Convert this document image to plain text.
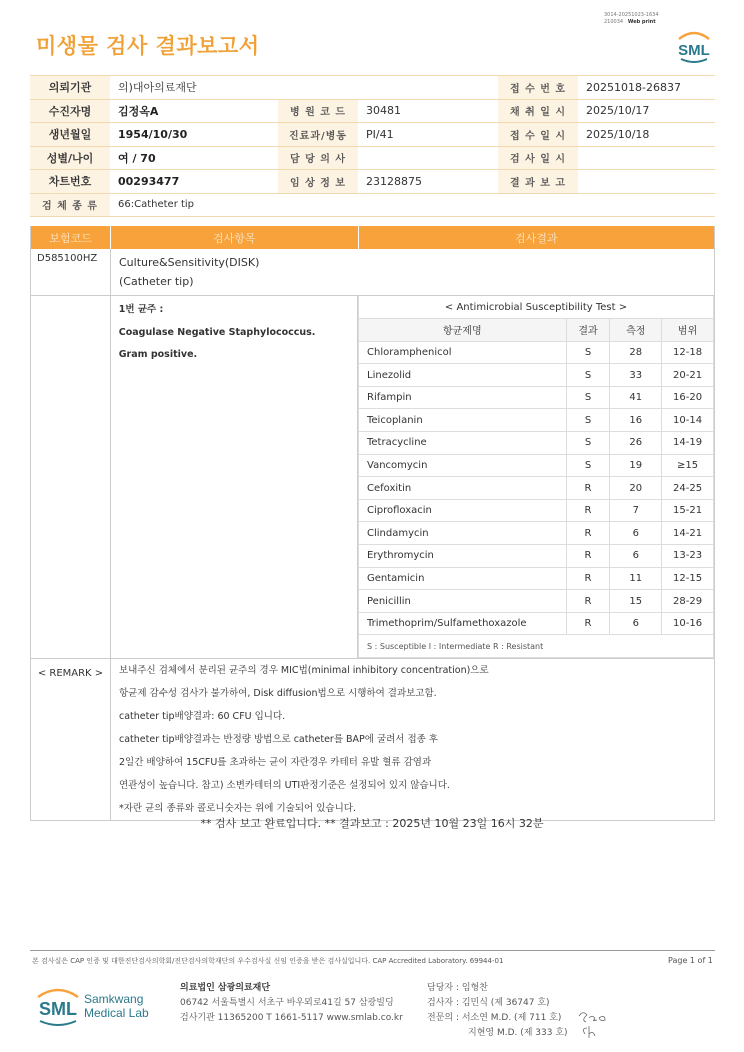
미생물 검사 결과보고서
3014-20251023-1634
210034 Web print
SML
의뢰기관	의)대아의료재단			접 수 번 호	20251018-26837
수진자명	김정옥A	병 원 코 드	30481	채 취 일 시	2025/10/17
생년월일	1954/10/30	진료과/병동	PI/41	접 수 일 시	2025/10/18
성별/나이	여 / 70	담 당 의 사		검 사 일 시	
차트번호	00293477	임 상 정 보	23128875	결 과 보 고	
검 체 종 류	66:Catheter tip				
보험코드	검사항목	검사결과
D585100HZ	Culture&Sensitivity(DISK)
(Catheter tip)
1번 균주 :
Coagulase Negative Staphylococcus.
Gram positive.
< Antimicrobial Susceptibility Test >			
항균제명	결과	측정	범위
Chloramphenicol	S	28	12-18
Linezolid	S	33	20-21
Rifampin	S	41	16-20
Teicoplanin	S	16	10-14
Tetracycline	S	26	14-19
Vancomycin	S	19	≥15
Cefoxitin	R	20	24-25
Ciprofloxacin	R	7	15-21
Clindamycin	R	6	14-21
Erythromycin	R	6	13-23
Gentamicin	R	11	12-15
Penicillin	R	15	28-29
Trimethoprim/Sulfamethoxazole	R	6	10-16
S : Susceptible I : Intermediate R : Resistant			
< REMARK >	보내주신 검체에서 분리된 균주의 경우 MIC법(minimal inhibitory concentration)으로
항균제 감수성 검사가 불가하여, Disk diffusion법으로 시행하여 결과보고함.
catheter tip배양결과: 60 CFU 입니다.
catheter tip배양결과는 반정량 방법으로 catheter를 BAP에 굴려서 접종 후
2일간 배양하여 15CFU를 초과하는 균이 자란경우 카테터 유발 혈류 감염과
연관성이 높습니다. 참고) 소변카테터의 UTI판정기준은 설정되어 있지 않습니다.
*자란 균의 종류와 콜로니숫자는 위에 기술되어 있습니다.
** 검사 보고 완료입니다. ** 결과보고 : 2025년 10월 23일 16시 32분
본 검사실은 CAP 인증 및 대한진단검사의학회/진단검사의학재단의 우수검사실 신임 인증을 받은 검사실입니다. CAP Accredited Laboratory. 69944-01	Page 1 of 1
SML Samkwang
Medical Lab
의료법인 삼광의료재단
06742 서울특별시 서초구 바우뫼로41길 57 삼광빌딩
검사기관 11365200 T 1661-5117 www.smlab.co.kr
담당자 : 임형찬
검사자 : 김민식 (제 36747 호)
전문의 : 서소연 M.D. (제 711 호)
지현영 M.D. (제 333 호)
